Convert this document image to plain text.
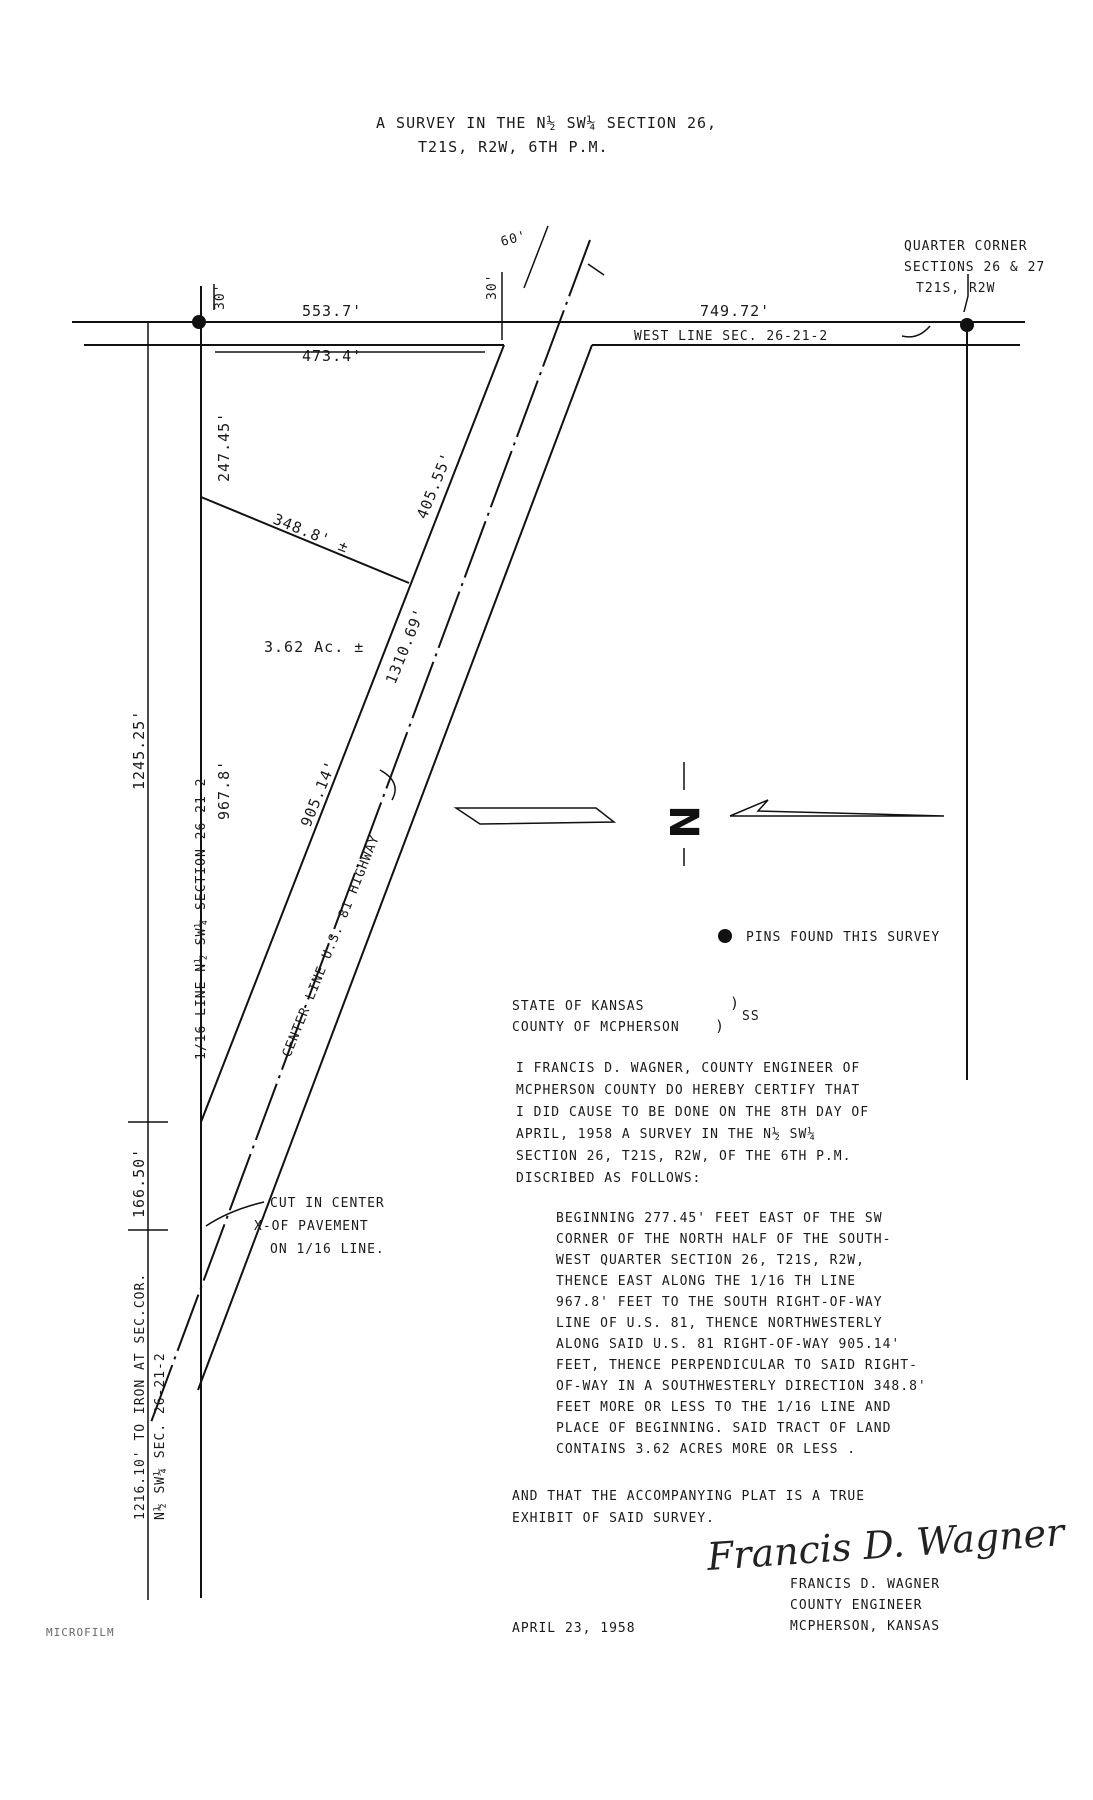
A SURVEY IN THE N½ SW¼ SECTION 26,
T21S, R2W, 6TH P.M.
QUARTER CORNER
SECTIONS 26 & 27
T21S, R2W
60'
30'	30'
553.7'	749.72'
WEST LINE SEC. 26-21-2
473.4'
247.45'
967.8'
1/16 LINE N½ SW¼ SECTION 26-21-2
1245.25'
166.50'
1216.10' TO IRON AT SEC.COR. N½ SW¼ SEC. 26-21-2
405.55'
348.8' ±
1310.69'
905.14'
3.62 Ac. ±
CENTER LINE U.S. 81 HIGHWAY
CUT IN CENTER
X-OF PAVEMENT
ON 1/16 LINE.
N
PINS FOUND THIS SURVEY
STATE OF KANSAS
COUNTY OF MCPHERSON
)
)
SS
I FRANCIS D. WAGNER, COUNTY ENGINEER OF
MCPHERSON COUNTY DO HEREBY CERTIFY THAT
I DID CAUSE TO BE DONE ON THE 8TH DAY OF
APRIL, 1958 A SURVEY IN THE N½ SW¼
SECTION 26, T21S, R2W, OF THE 6TH P.M.
DISCRIBED AS FOLLOWS:
BEGINNING 277.45' FEET EAST OF THE SW
CORNER OF THE NORTH HALF OF THE SOUTH-
WEST QUARTER SECTION 26, T21S, R2W,
THENCE EAST ALONG THE 1/16 TH LINE
967.8' FEET TO THE SOUTH RIGHT-OF-WAY
LINE OF U.S. 81, THENCE NORTHWESTERLY
ALONG SAID U.S. 81 RIGHT-OF-WAY 905.14'
FEET, THENCE PERPENDICULAR TO SAID RIGHT-
OF-WAY IN A SOUTHWESTERLY DIRECTION 348.8'
FEET MORE OR LESS TO THE 1/16 LINE AND
PLACE OF BEGINNING. SAID TRACT OF LAND
CONTAINS 3.62 ACRES MORE OR LESS .
AND THAT THE ACCOMPANYING PLAT IS A TRUE
EXHIBIT OF SAID SURVEY.
Francis D. Wagner
FRANCIS D. WAGNER
COUNTY ENGINEER
MCPHERSON, KANSAS
APRIL 23, 1958
MICROFILM
